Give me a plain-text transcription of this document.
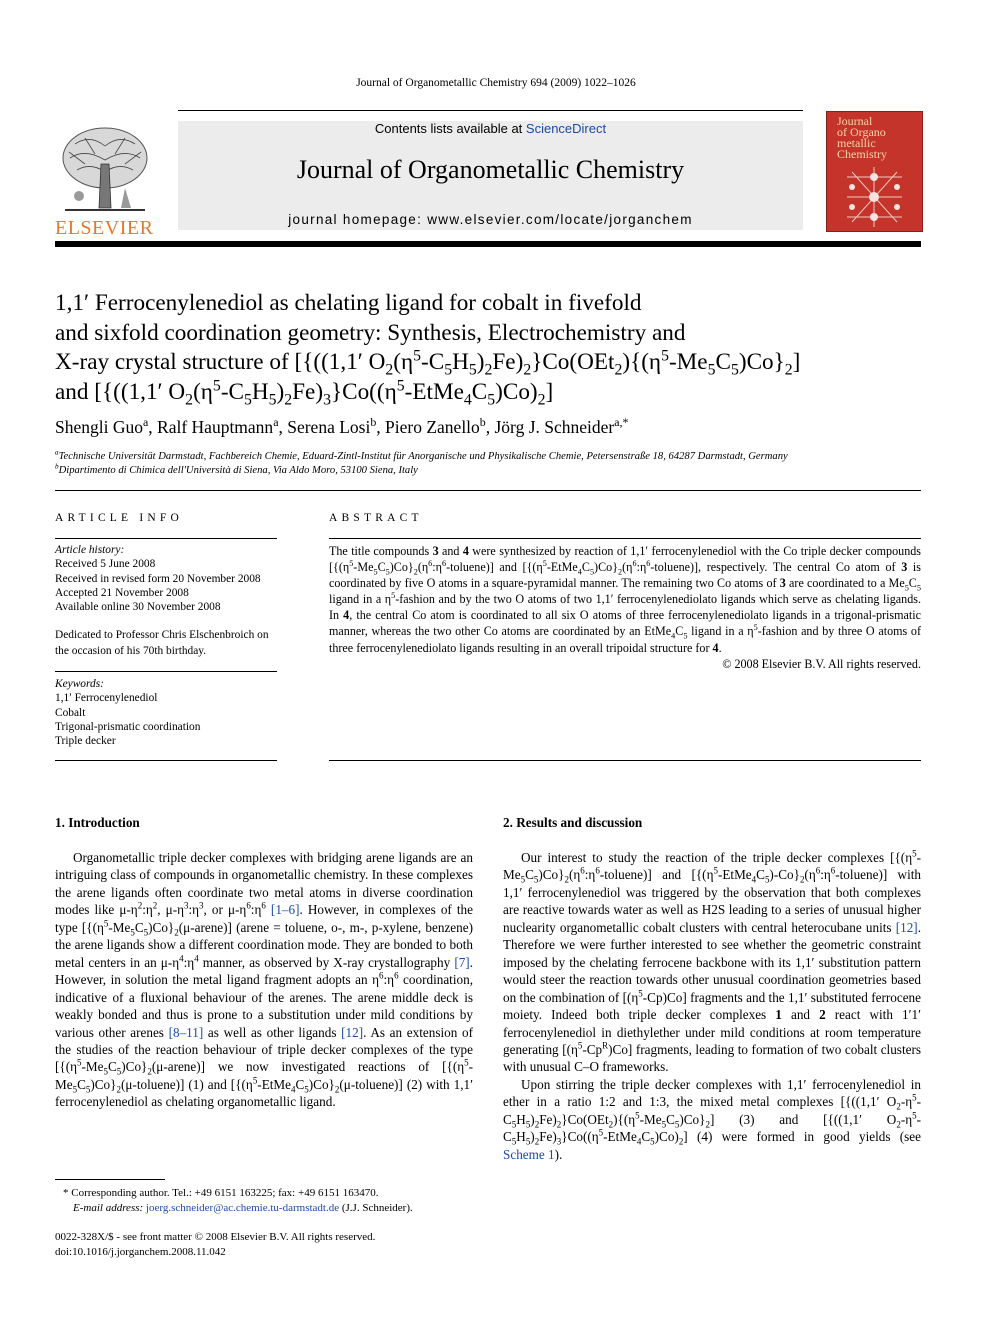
Journal of Organometallic Chemistry 694 (2009) 1022–1026
ELSEVIER
Contents lists available at ScienceDirect
Journal of Organometallic Chemistry
journal homepage: www.elsevier.com/locate/jorganchem
Journal
of Organo
metallic
Chemistry
1,1′ Ferrocenylenediol as chelating ligand for cobalt in fivefold
and sixfold coordination geometry: Synthesis, Electrochemistry and
X-ray crystal structure of [{((1,1′ $O_2(\eta^5-C_5H_5)_2Fe)_2\}Co(OEt_2)\{(\eta^5-Me_5C_5)Co\}_2$]
and [{((1,1′ $O_2(\eta^5-C_5H_5)_2Fe)_3\}Co((\eta^5-EtMe_4C_5)Co)_2$]
Shengli Guo$^a$, Ralf Hauptmann$^a$, Serena Losi$^b$, Piero Zanello$^b$, Jörg J. Schneider$^{a,*}$
$^a$Technische Universität Darmstadt, Fachbereich Chemie, Eduard-Zintl-Institut für Anorganische und Physikalische Chemie, Petersenstraße 18, 64287 Darmstadt, Germany
$^b$Dipartimento di Chimica dell'Università di Siena, Via Aldo Moro, 53100 Siena, Italy
ARTICLE INFO
Article history:
Received 5 June 2008
Received in revised form 20 November 2008
Accepted 21 November 2008
Available online 30 November 2008
Dedicated to Professor Chris Elschenbroich on the occasion of his 70th birthday.
Keywords:
1,1′ Ferrocenylenediol
Cobalt
Trigonal-prismatic coordination
Triple decker
ABSTRACT
The title compounds 3 and 4 were synthesized by reaction of 1,1′ ferrocenylenediol with the Co triple decker compounds $[\{(\eta^5-Me_5C_5)Co\}_2(\eta^6:\eta^6-toluene)]$ and $[\{(\eta^5-EtMe_4C_5)Co\}_2(\eta^6:\eta^6-toluene)]$, respectively. The central Co atom of 3 is coordinated by five O atoms in a square-pyramidal manner. The remaining two Co atoms of 3 are coordinated to a $Me_5C_5$ ligand in a $\eta^5$-fashion and by the two O atoms of two 1,1′ ferrocenylenediolato ligands which serve as chelating ligands. In 4, the central Co atom is coordinated to all six O atoms of three ferrocenylenediolato ligands in a trigonal-prismatic manner, whereas the two other Co atoms are coordinated by an $EtMe_4C_5$ ligand in a $\eta^5$-fashion and by three O atoms of three ferrocenylenediolato ligands resulting in an overall tripoidal structure for 4.
© 2008 Elsevier B.V. All rights reserved.
1. Introduction
Organometallic triple decker complexes with bridging arene ligands are an intriguing class of compounds in organometallic chemistry. In these complexes the arene ligands often coordinate two metal atoms in diverse coordination modes like $\mu-\eta^2:\eta^2$, $\mu-\eta^3:\eta^3$, or $\mu-\eta^6:\eta^6$ [1–6]. However, in complexes of the type $[\{(\eta^5-Me_5C_5)Co\}_2(\mu-arene)]$ (arene = toluene, o-, m-, p-xylene, benzene) the arene ligands show a different coordination mode. They are bonded to both metal centers in an $\mu-\eta^4:\eta^4$ manner, as observed by X-ray crystallography [7]. However, in solution the metal ligand fragment adopts an $\eta^6:\eta^6$ coordination, indicative of a fluxional behaviour of the arenes. The arene middle deck is weakly bonded and thus is prone to a substitution under mild conditions by various other arenes [8–11] as well as other ligands [12]. As an extension of the studies of the reaction behaviour of triple decker complexes of the type $[\{(\eta^5-Me_5C_5)Co\}_2(\mu-arene)]$ we now investigated reactions of $[\{(\eta^5-Me_5C_5)Co\}_2(\mu-toluene)]$ (1) and $[\{(\eta^5-EtMe_4C_5)Co\}_2(\mu-toluene)]$ (2) with 1,1′ ferrocenylenediol as chelating organometallic ligand.
* Corresponding author. Tel.: +49 6151 163225; fax: +49 6151 163470.
E-mail address: joerg.schneider@ac.chemie.tu-darmstadt.de (J.J. Schneider).
0022-328X/$ - see front matter © 2008 Elsevier B.V. All rights reserved.
doi:10.1016/j.jorganchem.2008.11.042
2. Results and discussion
Our interest to study the reaction of the triple decker complexes $[\{(\eta^5-Me_5C_5)Co\}_2(\eta^6:\eta^6-toluene)]$ and $[\{(\eta^5-EtMe_4C_5)-Co\}_2(\eta^6:\eta^6-toluene)]$ with 1,1′ ferrocenylenediol was triggered by the observation that both complexes are reactive towards water as well as H2S leading to a series of unusual higher nuclearity organometallic cobalt clusters with central heterocubane units [12]. Therefore we were further interested to see whether the geometric constraint imposed by the chelating ferrocene backbone with its 1,1′ substitution pattern would steer the reaction towards other unusual coordination geometries based on the combination of $[(\eta^5-Cp)Co]$ fragments and the 1,1′ substituted ferrocene moiety. Indeed both triple decker complexes 1 and 2 react with 1′1′ ferrocenylenediol in diethylether under mild conditions at room temperature generating $[(\eta^5-Cp^R)Co]$ fragments, leading to formation of two cobalt clusters with unusual C–O frameworks.
Upon stirring the triple decker complexes with 1,1′ ferrocenylenediol in ether in a ratio 1:2 and 1:3, the mixed metal complexes [{((1,1′ $O_2-\eta^5-C_5H_5)_2Fe)_2\}Co(OEt_2)\{(\eta^5-Me_5C_5)Co\}_2$] (3) and [{((1,1′ $O_2-\eta^5-C_5H_5)_2Fe)_3\}Co((\eta^5-EtMe_4C_5)Co)_2$] (4) were formed in good yields (see Scheme 1).
